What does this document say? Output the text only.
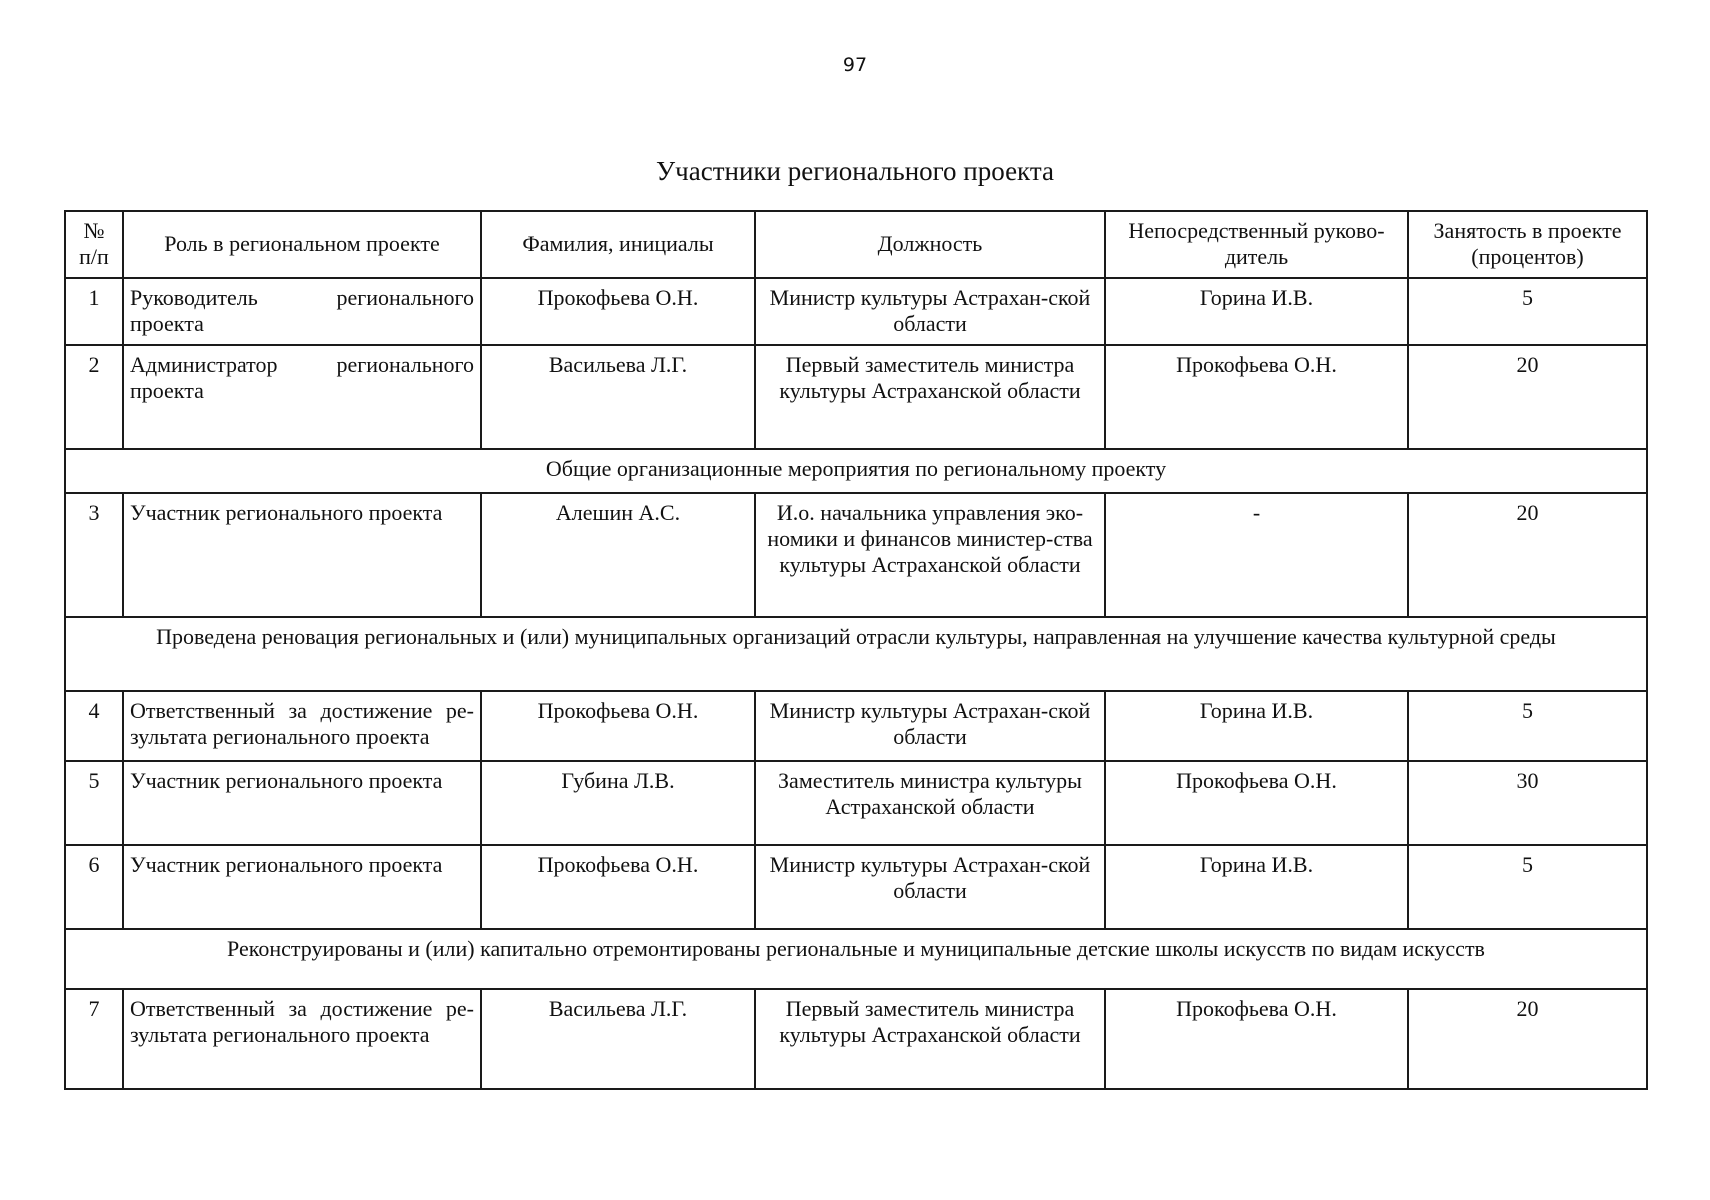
97
Участники регионального проекта
№ п/п	Роль в региональном проекте	Фамилия, инициалы	Должность	Непосредственный руково-дитель	Занятость в проекте (процентов)
1	Руководитель регионального проекта	Прокофьева О.Н.	Министр культуры Астрахан-ской области	Горина И.В.	5
2	Администратор регионального проекта	Васильева Л.Г.	Первый заместитель министра культуры Астраханской области	Прокофьева О.Н.	20
Общие организационные мероприятия по региональному проекту					
3	Участник регионального проекта	Алешин А.С.	И.о. начальника управления эко-номики и финансов министер-ства культуры Астраханской области	-	20
Проведена реновация региональных и (или) муниципальных организаций отрасли культуры, направленная на улучшение качества культурной среды					
4	Ответственный за достижение ре-зультата регионального проекта	Прокофьева О.Н.	Министр культуры Астрахан-ской области	Горина И.В.	5
5	Участник регионального проекта	Губина Л.В.	Заместитель министра культуры Астраханской области	Прокофьева О.Н.	30
6	Участник регионального проекта	Прокофьева О.Н.	Министр культуры Астрахан-ской области	Горина И.В.	5
Реконструированы и (или) капитально отремонтированы региональные и муниципальные детские школы искусств по видам искусств					
7	Ответственный за достижение ре-зультата регионального проекта	Васильева Л.Г.	Первый заместитель министра культуры Астраханской области	Прокофьева О.Н.	20
